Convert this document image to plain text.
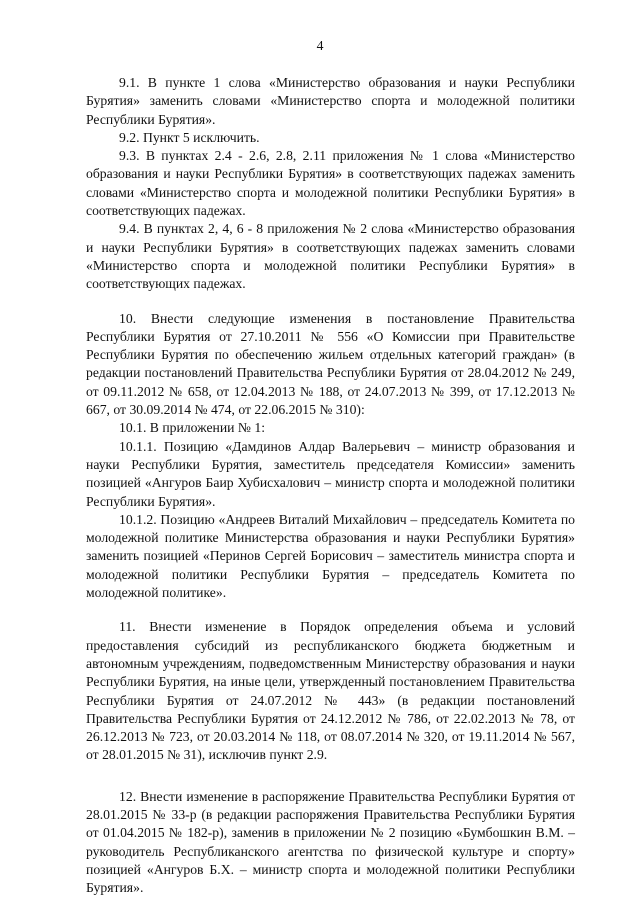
4

9.1. В пункте 1 слова «Министерство образования и науки Республики Бурятия» заменить словами «Министерство спорта и молодежной политики Республики Бурятия».

9.2. Пункт 5 исключить.

9.3. В пунктах 2.4 - 2.6, 2.8, 2.11 приложения № 1 слова «Министерство образования и науки Республики Бурятия» в соответствующих падежах заменить словами «Министерство спорта и молодежной политики Республики Бурятия» в соответствующих падежах.

9.4. В пунктах 2, 4, 6 - 8 приложения № 2 слова «Министерство образования и науки Республики Бурятия» в соответствующих падежах заменить словами «Министерство спорта и молодежной политики Республики Бурятия» в соответствующих падежах.

10. Внести следующие изменения в постановление Правительства Республики Бурятия от 27.10.2011 № 556 «О Комиссии при Правительстве Республики Бурятия по обеспечению жильем отдельных категорий граждан» (в редакции постановлений Правительства Республики Бурятия от 28.04.2012 № 249, от 09.11.2012 № 658, от 12.04.2013 № 188, от 24.07.2013 № 399, от 17.12.2013 № 667, от 30.09.2014 № 474, от 22.06.2015 № 310):

10.1. В приложении № 1:

10.1.1. Позицию «Дамдинов Алдар Валерьевич – министр образования и науки Республики Бурятия, заместитель председателя Комиссии» заменить позицией «Ангуров Баир Хубисхалович – министр спорта и молодежной политики Республики Бурятия».

10.1.2. Позицию «Андреев Виталий Михайлович – председатель Комитета по молодежной политике Министерства образования и науки Республики Бурятия» заменить позицией «Перинов Сергей Борисович – заместитель министра спорта и молодежной политики Республики Бурятия – председатель Комитета по молодежной политике».

11. Внести изменение в Порядок определения объема и условий предоставления субсидий из республиканского бюджета бюджетным и автономным учреждениям, подведомственным Министерству образования и науки Республики Бурятия, на иные цели, утвержденный постановлением Правительства Республики Бурятия от 24.07.2012 № 443» (в редакции постановлений Правительства Республики Бурятия от 24.12.2012 № 786, от 22.02.2013 № 78, от 26.12.2013 № 723, от 20.03.2014 № 118, от 08.07.2014 № 320, от 19.11.2014 № 567, от 28.01.2015 № 31), исключив пункт 2.9.

12. Внести изменение в распоряжение Правительства Республики Бурятия от 28.01.2015 № 33-р (в редакции распоряжения Правительства Республики Бурятия от 01.04.2015 № 182-р), заменив в приложении № 2 позицию «Бумбошкин В.М. – руководитель Республиканского агентства по физической культуре и спорту» позицией «Ангуров Б.Х. – министр спорта и молодежной политики Республики Бурятия».
